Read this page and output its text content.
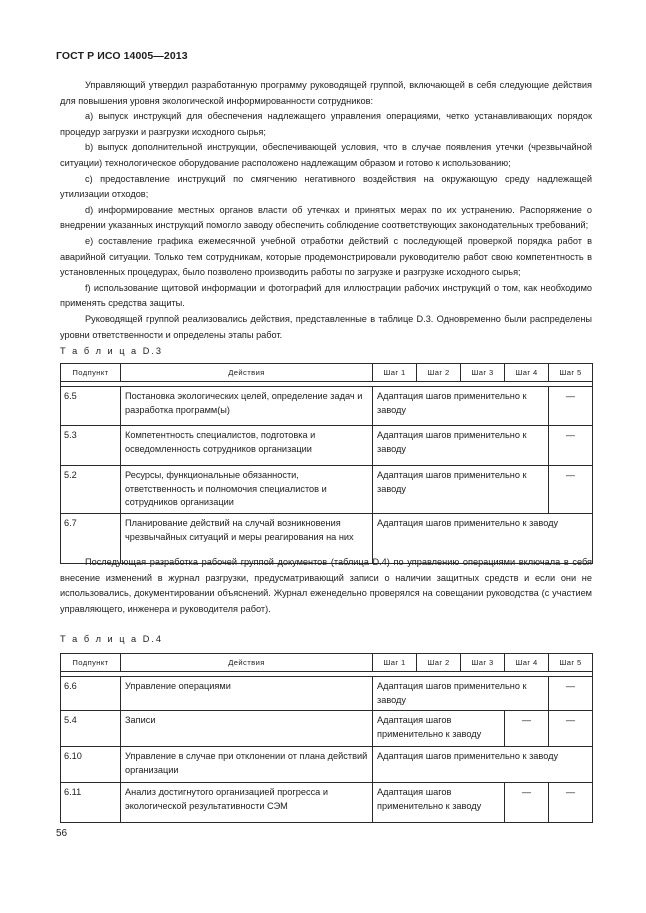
ГОСТ Р ИСО 14005—2013
Управляющий утвердил разработанную программу руководящей группой, включающей в себя следующие действия для повышения уровня экологической информированности сотрудников:
а) выпуск инструкций для обеспечения надлежащего управления операциями, четко устанавливающих порядок процедур загрузки и разгрузки исходного сырья;
b) выпуск дополнительной инструкции, обеспечивающей условия, что в случае появления утечки (чрезвычайной ситуации) технологическое оборудование расположено надлежащим образом и готово к использованию;
с) предоставление инструкций по смягчению негативного воздействия на окружающую среду надлежащей утилизации отходов;
d) информирование местных органов власти об утечках и принятых мерах по их устранению. Распоряжение о внедрении указанных инструкций помогло заводу обеспечить соблюдение соответствующих законодательных требований;
е) составление графика ежемесячной учебной отработки действий с последующей проверкой порядка работ в аварийной ситуации. Только тем сотрудникам, которые продемонстрировали руководителю работ свою компетентность в установленных процедурах, было позволено производить работы по загрузке и разгрузке исходного сырья;
f) использование щитовой информации и фотографий для иллюстрации рабочих инструкций о том, как необходимо применять средства защиты.
Руководящей группой реализовались действия, представленные в таблице D.3. Одновременно были распределены уровни ответственности и определены этапы работ.
Т а б л и ц а D.3
Подпункт	Действия	Шаг 1	Шаг 2	Шаг 3	Шаг 4	Шаг 5

6.5	Постановка экологических целей, определение задач и разработка программ(ы)	Адаптация шагов применительно к заводу				—
5.3	Компетентность специалистов, подготовка и осведомленность сотрудников организации	Адаптация шагов применительно к заводу				—
5.2	Ресурсы, функциональные обязанности, ответственность и полномочия специалистов и сотрудников организации	Адаптация шагов применительно к заводу				—
6.7	Планирование действий на случай возникновения чрезвычайных ситуаций и меры реагирования на них	Адаптация шагов применительно к заводу				
Последующая разработка рабочей группой документов (таблица D.4) по управлению операциями включала в себя внесение изменений в журнал разгрузки, предусматривающий записи о наличии защитных средств и если они не использовались, документировании объяснений. Журнал еженедельно проверялся на совещании руководства (с участием управляющего, инженера и руководителя работ).
Т а б л и ц а D.4
Подпункт	Действия	Шаг 1	Шаг 2	Шаг 3	Шаг 4	Шаг 5

6.6	Управление операциями	Адаптация шагов применительно к заводу				—
5.4	Записи	Адаптация шагов применительно к заводу			—	—
6.10	Управление в случае при отклонении от плана действий организации	Адаптация шагов применительно к заводу				
6.11	Анализ достигнутого организацией прогресса и экологической результативности СЭМ	Адаптация шагов применительно к заводу			—	—
56
